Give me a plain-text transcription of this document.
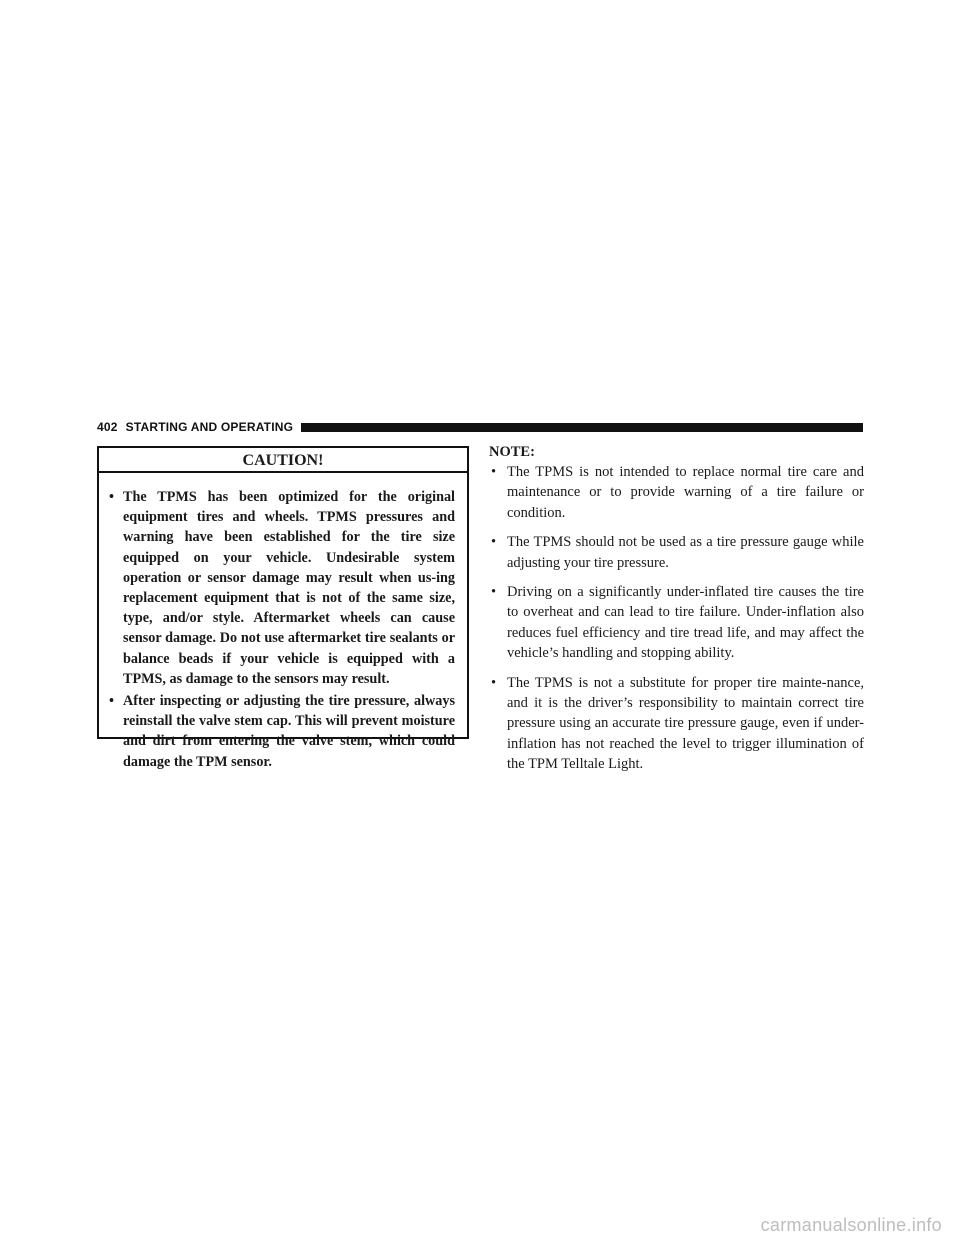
402 STARTING AND OPERATING
CAUTION!
• The TPMS has been optimized for the original equipment tires and wheels. TPMS pressures and warning have been established for the tire size equipped on your vehicle. Undesirable system operation or sensor damage may result when us-ing replacement equipment that is not of the same size, type, and/or style. Aftermarket wheels can cause sensor damage. Do not use aftermarket tire sealants or balance beads if your vehicle is equipped with a TPMS, as damage to the sensors may result.
• After inspecting or adjusting the tire pressure, always reinstall the valve stem cap. This will prevent moisture and dirt from entering the valve stem, which could damage the TPM sensor.

NOTE:

• The TPMS is not intended to replace normal tire care and maintenance or to provide warning of a tire failure or condition.
• The TPMS should not be used as a tire pressure gauge while adjusting your tire pressure.
• Driving on a significantly under-inflated tire causes the tire to overheat and can lead to tire failure. Under-inflation also reduces fuel efficiency and tire tread life, and may affect the vehicle’s handling and stopping ability.
• The TPMS is not a substitute for proper tire mainte-nance, and it is the driver’s responsibility to maintain correct tire pressure using an accurate tire pressure gauge, even if under-inflation has not reached the level to trigger illumination of the TPM Telltale Light.
carmanualsonline.info
